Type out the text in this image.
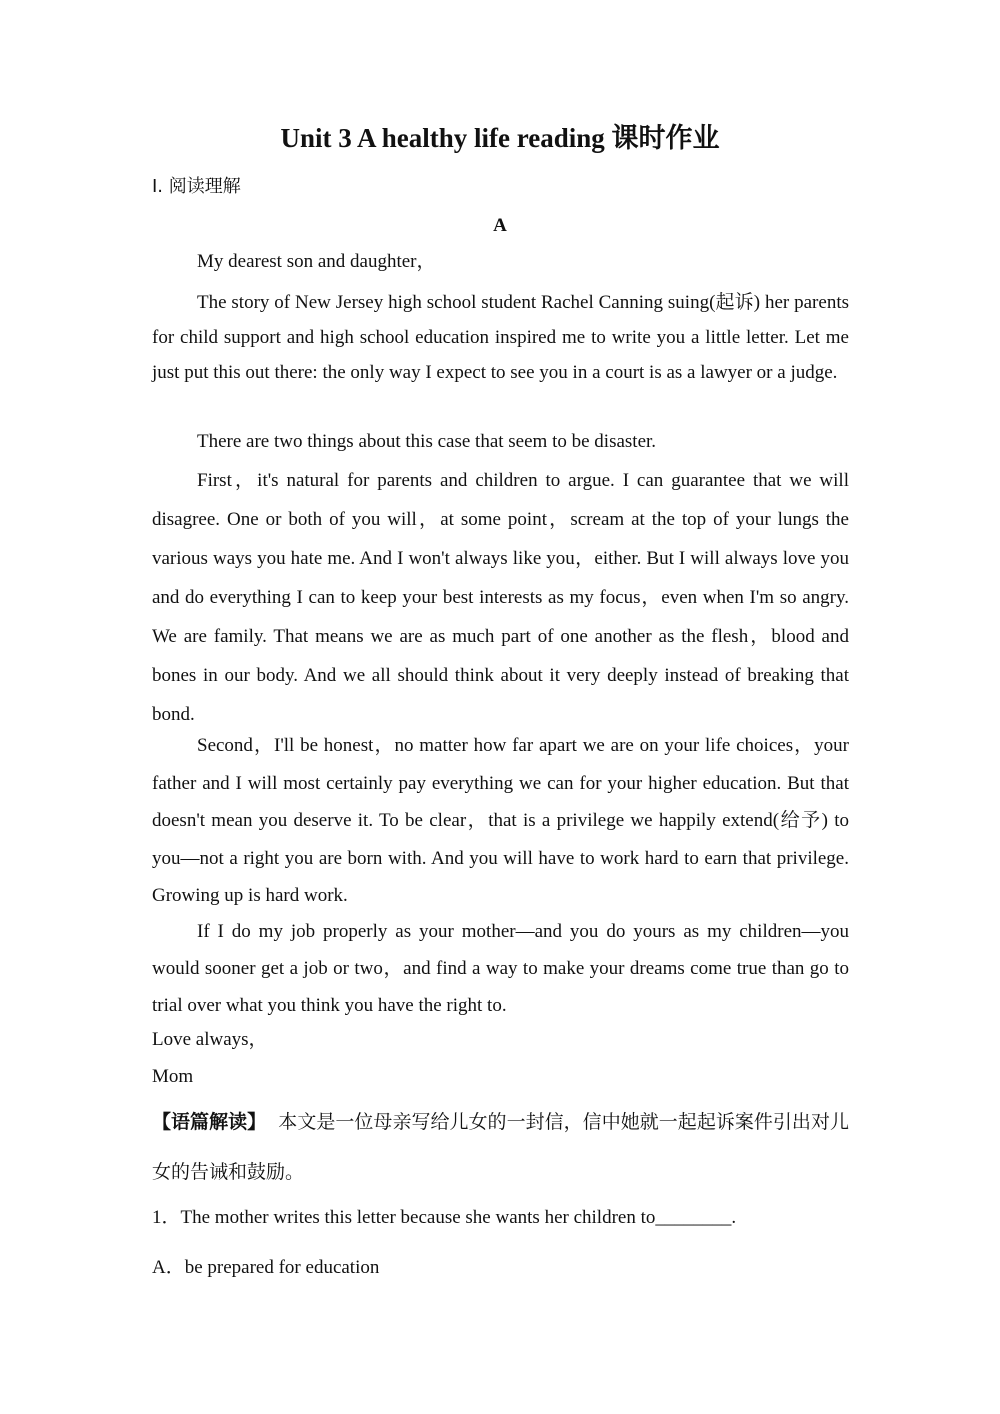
Unit 3 A healthy life reading 课时作业
Ⅰ. 阅读理解
A
My dearest son and daughter，
The story of New Jersey high school student Rachel Canning suing(起诉) her parents for child support and high school education inspired me to write you a little letter. Let me just put this out there: the only way I expect to see you in a court is as a lawyer or a judge.
There are two things about this case that seem to be disaster.
First，it's natural for parents and children to argue. I can guarantee that we will disagree. One or both of you will，at some point，scream at the top of your lungs the various ways you hate me. And I won't always like you，either. But I will always love you and do everything I can to keep your best interests as my focus，even when I'm so angry. We are family. That means we are as much part of one another as the flesh，blood and bones in our body. And we all should think about it very deeply instead of breaking that bond.
Second，I'll be honest，no matter how far apart we are on your life choices，your father and I will most certainly pay everything we can for your higher education. But that doesn't mean you deserve it. To be clear，that is a privilege we happily extend(给予) to you—not a right you are born with. And you will have to work hard to earn that privilege. Growing up is hard work.
If I do my job properly as your mother—and you do yours as my children—you would sooner get a job or two，and find a way to make your dreams come true than go to trial over what you think you have the right to.
Love always，
Mom
【语篇解读】 本文是一位母亲写给儿女的一封信，信中她就一起起诉案件引出对儿女的告诫和鼓励。
1．The mother writes this letter because she wants her children to________.
A．be prepared for education
